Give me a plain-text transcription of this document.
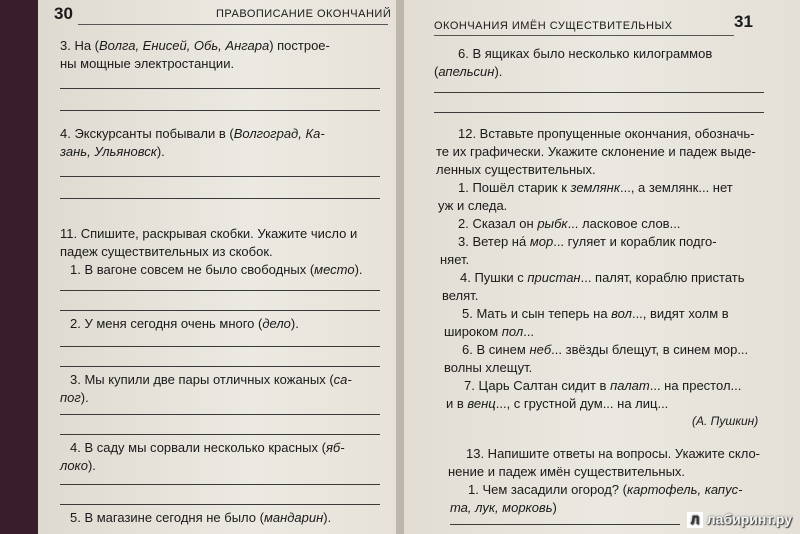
30	ПРАВОПИСАНИЕ ОКОНЧАНИЙ
3. На (Волга, Енисей, Обь, Ангара) построе-
ны мощные электростанции.
4. Экскурсанты побывали в (Волгоград, Ка-
зань, Ульяновск).
11. Спишите, раскрывая скобки. Укажите число и
падеж существительных из скобок.
1. В вагоне совсем не было свободных (место).
2. У меня сегодня очень много (дело).
3. Мы купили две пары отличных кожаных (са-
пог).
4. В саду мы сорвали несколько красных (яб-
локо).
5. В магазине сегодня не было (мандарин).
ОКОНЧАНИЯ ИМЁН СУЩЕСТВИТЕЛЬНЫХ	31
6. В ящиках было несколько килограммов
(апельсин).
12. Вставьте пропущенные окончания, обозначь-
те их графически. Укажите склонение и падеж выде-
ленных существительных.
1. Пошёл старик к землянк..., а землянк... нет
уж и следа.
2. Сказал он рыбк... ласковое слов...
3. Ветер на́ мор... гуляет и кораблик подго-
няет.
4. Пушки с пристан... палят, кораблю пристать
велят.
5. Мать и сын теперь на вол..., видят холм в
широком пол...
6. В синем неб... звёзды блещут, в синем мор...
волны хлещут.
7. Царь Салтан сидит в палат... на престол...
и в венц..., с грустной дум... на лиц...
(А. Пушкин)
13. Напишите ответы на вопросы. Укажите скло-
нение и падеж имён существительных.
1. Чем засадили огород? (картофель, капус-
та, лук, морковь)
Л лабиринт.ру
